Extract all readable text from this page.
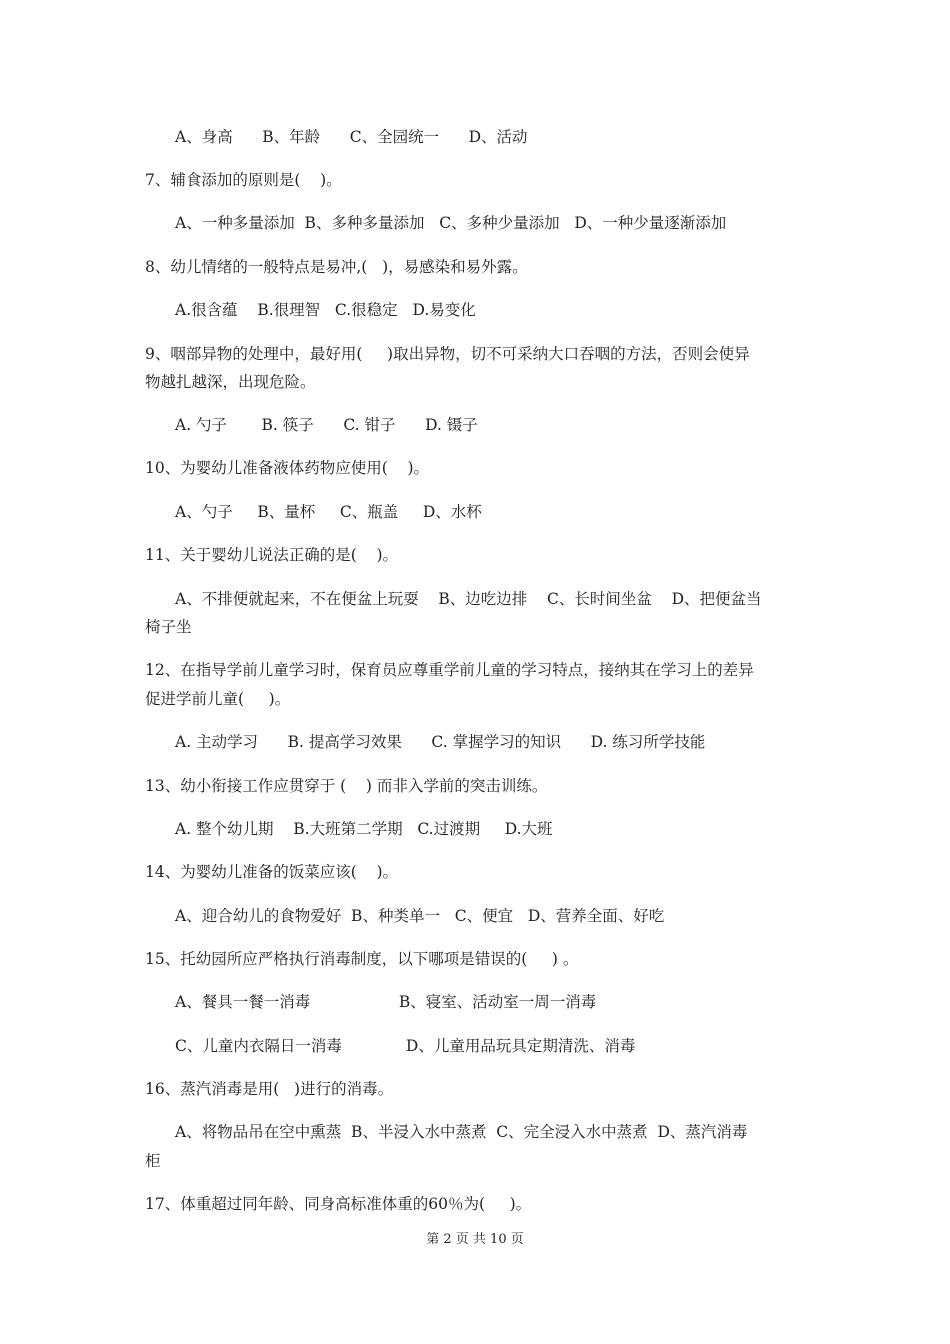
A、身高      B、年龄      C、全园统一      D、活动
7、辅食添加的原则是(    )。
A、一种多量添加  B、多种多量添加   C、多种少量添加   D、一种少量逐渐添加
8、幼儿情绪的一般特点是易冲,(   )，易感染和易外露。
A.很含蕴    B.很理智   C.很稳定   D.易变化
9、咽部异物的处理中，最好用(     )取出异物，切不可采纳大口吞咽的方法，否则会使异
物越扎越深，出现危险。
A. 勺子       B. 筷子      C. 钳子      D. 镊子
10、为婴幼儿准备液体药物应使用(    )。
A、勺子     B、量杯     C、瓶盖     D、水杯
11、关于婴幼儿说法正确的是(    )。
A、不排便就起来，不在便盆上玩耍    B、边吃边排    C、长时间坐盆    D、把便盆当
椅子坐
12、在指导学前儿童学习时，保育员应尊重学前儿童的学习特点，接纳其在学习上的差异
促进学前儿童(     )。
A. 主动学习      B. 提高学习效果      C. 掌握学习的知识      D. 练习所学技能
13、幼小衔接工作应贯穿于 (    ) 而非入学前的突击训练。
A. 整个幼儿期    B.大班第二学期   C.过渡期     D.大班
14、为婴幼儿准备的饭菜应该(    )。
A、迎合幼儿的食物爱好  B、种类单一   C、便宜   D、营养全面、好吃
15、托幼园所应严格执行消毒制度，以下哪项是错误的(     ) 。
A、餐具一餐一消毒                  B、寝室、活动室一周一消毒
C、儿童内衣隔日一消毒             D、儿童用品玩具定期清洗、消毒
16、蒸汽消毒是用(   )进行的消毒。
A、将物品吊在空中熏蒸  B、半浸入水中蒸煮  C、完全浸入水中蒸煮  D、蒸汽消毒
柜
17、体重超过同年龄、同身高标准体重的60％为(     )。
第 2 页 共 10 页
